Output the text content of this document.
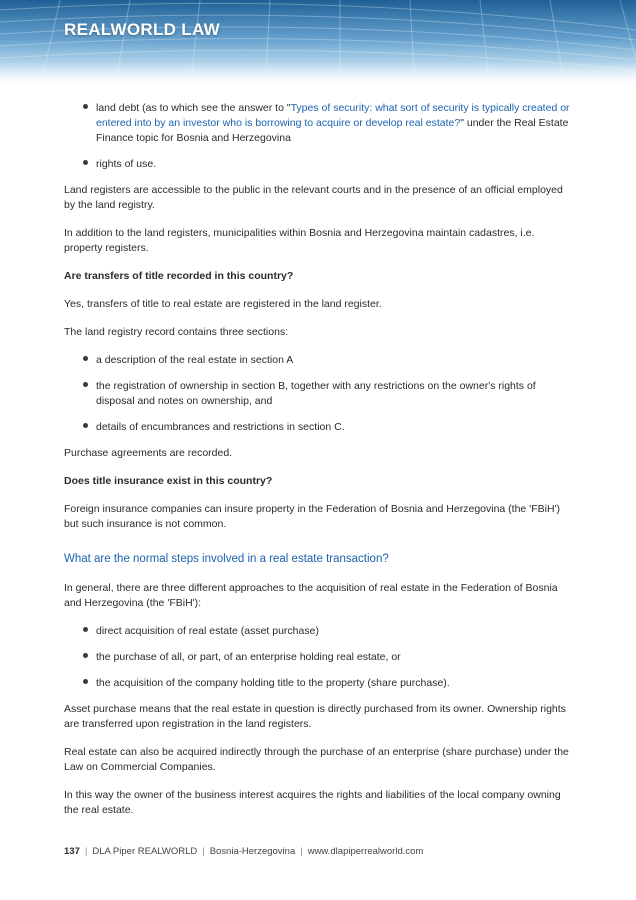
REALWORLD LAW
land debt (as to which see the answer to "Types of security: what sort of security is typically created or entered into by an investor who is borrowing to acquire or develop real estate?" under the Real Estate Finance topic for Bosnia and Herzegovina
rights of use.

Land registers are accessible to the public in the relevant courts and in the presence of an official employed by the land registry.

In addition to the land registers, municipalities within Bosnia and Herzegovina maintain cadastres, i.e. property registers.

Are transfers of title recorded in this country?

Yes, transfers of title to real estate are registered in the land register.

The land registry record contains three sections:

a description of the real estate in section A
the registration of ownership in section B, together with any restrictions on the owner's rights of disposal and notes on ownership, and
details of encumbrances and restrictions in section C.

Purchase agreements are recorded.

Does title insurance exist in this country?

Foreign insurance companies can insure property in the Federation of Bosnia and Herzegovina (the 'FBiH') but such insurance is not common.

What are the normal steps involved in a real estate transaction?

In general, there are three different approaches to the acquisition of real estate in the Federation of Bosnia and Herzegovina (the 'FBiH'):

direct acquisition of real estate (asset purchase)
the purchase of all, or part, of an enterprise holding real estate, or
the acquisition of the company holding title to the property (share purchase).

Asset purchase means that the real estate in question is directly purchased from its owner. Ownership rights are transferred upon registration in the land registers.

Real estate can also be acquired indirectly through the purchase of an enterprise (share purchase) under the Law on Commercial Companies.

In this way the owner of the business interest acquires the rights and liabilities of the local company owning the real estate.

137 | DLA Piper REALWORLD | Bosnia-Herzegovina | www.dlapiperrealworld.com
